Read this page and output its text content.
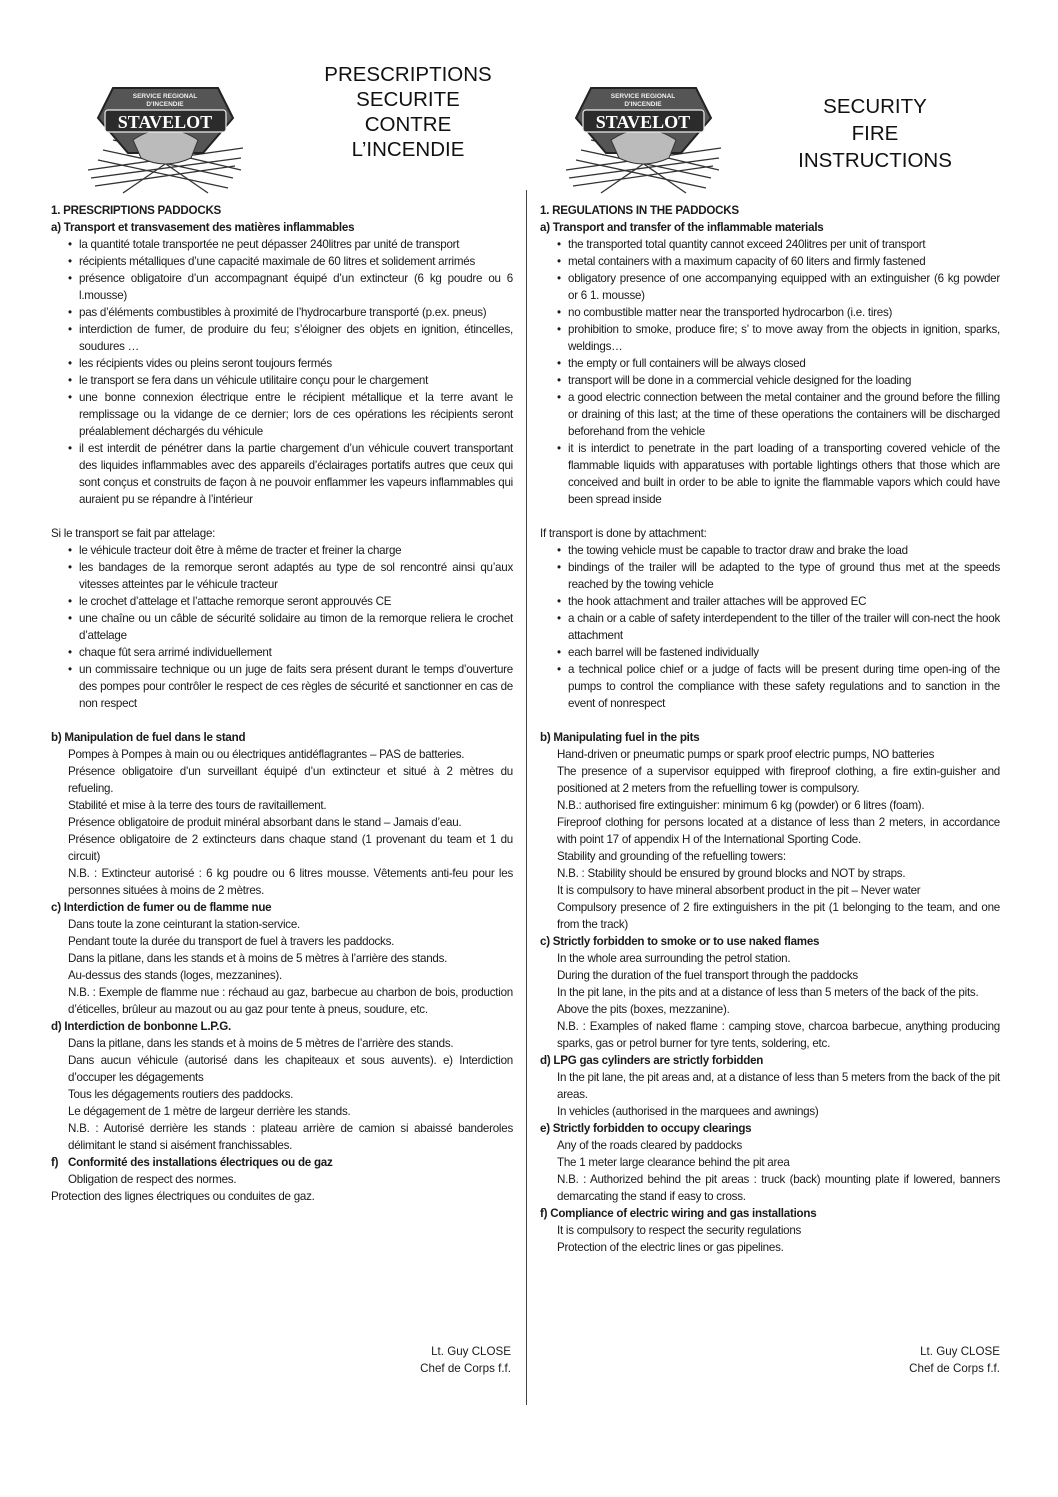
SERVICE REGIONAL
D'INCENDIE
STAVELOT
SERVICE REGIONAL
D'INCENDIE
STAVELOT
PRESCRIPTIONS
SECURITE
CONTRE
L’INCENDIE
SECURITY
FIRE
INSTRUCTIONS
1. PRESCRIPTIONS PADDOCKS
a) Transport et transvasement des matières inflammables
• la quantité totale transportée ne peut dépasser 240litres par unité de transport
• récipients métalliques d’une capacité maximale de 60 litres et solidement arrimés
• présence obligatoire d’un accompagnant équipé d’un extincteur (6 kg poudre ou 6 l.mousse)
• pas d’éléments combustibles à proximité de l’hydrocarbure transporté (p.ex. pneus)
• interdiction de fumer, de produire du feu; s’éloigner des objets en ignition, étincelles, soudures …
• les récipients vides ou pleins seront toujours fermés
• le transport se fera dans un véhicule utilitaire conçu pour le chargement
• une bonne connexion électrique entre le récipient métallique et la terre avant le remplissage ou la vidange de ce dernier; lors de ces opérations les récipients seront préalablement déchargés du véhicule
• il est interdit de pénétrer dans la partie chargement d’un véhicule couvert transportant des liquides inflammables avec des appareils d’éclairages portatifs autres que ceux qui sont conçus et construits de façon à ne pouvoir enflammer les vapeurs inflammables qui auraient pu se répandre à l’intérieur
Si le transport se fait par attelage:
• le véhicule tracteur doit être à même de tracter et freiner la charge
• les bandages de la remorque seront adaptés au type de sol rencontré ainsi qu’aux vitesses atteintes par le véhicule tracteur
• le crochet d’attelage et l’attache remorque seront approuvés CE
• une chaîne ou un câble de sécurité solidaire au timon de la remorque reliera le crochet d’attelage
• chaque fût sera arrimé individuellement
• un commissaire technique ou un juge de faits sera présent durant le temps d’ouverture des pompes pour contrôler le respect de ces règles de sécurité et sanctionner en cas de non respect
b) Manipulation de fuel dans le stand
Pompes à Pompes à main ou ou électriques antidéflagrantes – PAS de batteries.
Présence obligatoire d’un surveillant équipé d’un extincteur et situé à 2 mètres du refueling.
Stabilité et mise à la terre des tours de ravitaillement.
Présence obligatoire de produit minéral absorbant dans le stand – Jamais d’eau.
Présence obligatoire de 2 extincteurs dans chaque stand (1 provenant du team et 1 du circuit)
N.B. : Extincteur autorisé : 6 kg poudre ou 6 litres mousse. Vêtements anti-feu pour les personnes situées à moins de 2 mètres.
c) Interdiction de fumer ou de flamme nue
Dans toute la zone ceinturant la station-service.
Pendant toute la durée du transport de fuel à travers les paddocks.
Dans la pitlane, dans les stands et à moins de 5 mètres à l’arrière des stands.
Au-dessus des stands (loges, mezzanines).
N.B. : Exemple de flamme nue : réchaud au gaz, barbecue au charbon de bois, production d’éticelles, brûleur au mazout ou au gaz pour tente à pneus, soudure, etc.
d) Interdiction de bonbonne L.P.G.
Dans la pitlane, dans les stands et à moins de 5 mètres de l’arrière des stands.
Dans aucun véhicule (autorisé dans les chapiteaux et sous auvents). e) Interdiction d’occuper les dégagements
Tous les dégagements routiers des paddocks.
Le dégagement de 1 mètre de largeur derrière les stands.
N.B. : Autorisé derrière les stands : plateau arrière de camion si abaissé banderoles délimitant le stand si aisément franchissables.
f) Conformité des installations électriques ou de gaz
Obligation de respect des normes.
Protection des lignes électriques ou conduites de gaz.
1. REGULATIONS IN THE PADDOCKS
a) Transport and transfer of the inflammable materials
• the transported total quantity cannot exceed 240litres per unit of transport
• metal containers with a maximum capacity of 60 liters and firmly fastened
• obligatory presence of one accompanying equipped with an extinguisher (6 kg powder or 6 1. mousse)
• no combustible matter near the transported hydrocarbon (i.e. tires)
• prohibition to smoke, produce fire; s’ to move away from the objects in ignition, sparks, weldings…
• the empty or full containers will be always closed
• transport will be done in a commercial vehicle designed for the loading
• a good electric connection between the metal container and the ground before the filling or draining of this last; at the time of these operations the containers will be discharged beforehand from the vehicle
• it is interdict to penetrate in the part loading of a transporting covered vehicle of the flammable liquids with apparatuses with portable lightings others that those which are conceived and built in order to be able to ignite the flammable vapors which could have been spread inside
If transport is done by attachment:
• the towing vehicle must be capable to tractor draw and brake the load
• bindings of the trailer will be adapted to the type of ground thus met at the speeds reached by the towing vehicle
• the hook attachment and trailer attaches will be approved EC
• a chain or a cable of safety interdependent to the tiller of the trailer will con-nect the hook attachment
• each barrel will be fastened individually
• a technical police chief or a judge of facts will be present during time open-ing of the pumps to control the compliance with these safety regulations and to sanction in the event of nonrespect
b) Manipulating fuel in the pits
Hand-driven or pneumatic pumps or spark proof electric pumps, NO batteries
The presence of a supervisor equipped with fireproof clothing, a fire extin-guisher and positioned at 2 meters from the refuelling tower is compulsory.
N.B.: authorised fire extinguisher: minimum 6 kg (powder) or 6 litres (foam).
Fireproof clothing for persons located at a distance of less than 2 meters, in accordance with point 17 of appendix H of the International Sporting Code.
Stability and grounding of the refuelling towers:
N.B. : Stability should be ensured by ground blocks and NOT by straps.
It is compulsory to have mineral absorbent product in the pit – Never water
Compulsory presence of 2 fire extinguishers in the pit (1 belonging to the team, and one from the track)
c) Strictly forbidden to smoke or to use naked flames
In the whole area surrounding the petrol station.
During the duration of the fuel transport through the paddocks
In the pit lane, in the pits and at a distance of less than 5 meters of the back of the pits.
Above the pits (boxes, mezzanine).
N.B. : Examples of naked flame : camping stove, charcoa barbecue, anything producing sparks, gas or petrol burner for tyre tents, soldering, etc.
d) LPG gas cylinders are strictly forbidden
In the pit lane, the pit areas and, at a distance of less than 5 meters from the back of the pit areas.
In vehicles (authorised in the marquees and awnings)
e) Strictly forbidden to occupy clearings
Any of the roads cleared by paddocks
The 1 meter large clearance behind the pit area
N.B. : Authorized behind the pit areas : truck (back) mounting plate if lowered, banners demarcating the stand if easy to cross.
f) Compliance of electric wiring and gas installations
It is compulsory to respect the security regulations
Protection of the electric lines or gas pipelines.
Lt. Guy CLOSE
Chef de Corps f.f.
Lt. Guy CLOSE
Chef de Corps f.f.
